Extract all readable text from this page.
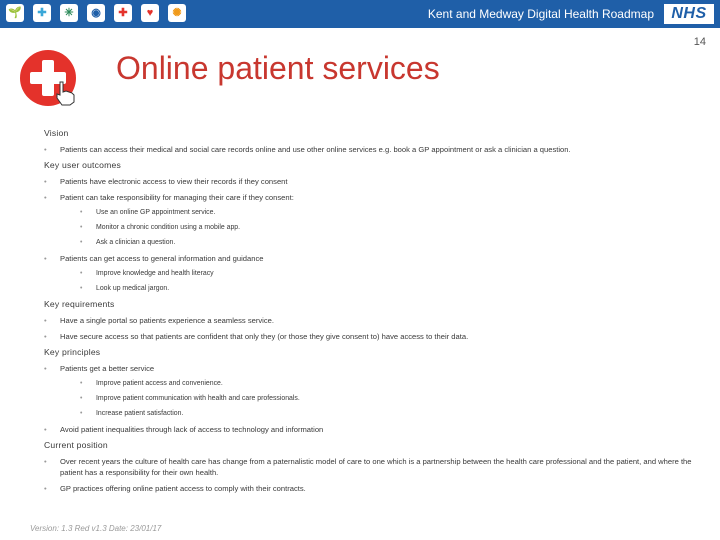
🌱	✚	✳	◉	✚	♥	✺	Kent and Medway Digital Health Roadmap	NHS
14
Online patient services
Vision
• Patients can access their medical and social care records online and use other online services e.g. book a GP appointment or ask a clinician a question.
Key user outcomes
• Patients have electronic access to view their records if they consent
• Patient can take responsibility for managing their care if they consent:
• Use an online GP appointment service.
• Monitor a chronic condition using a mobile app.
• Ask a clinician a question.
• Patients can get access to general information and guidance
• Improve knowledge and health literacy
• Look up medical jargon.
Key requirements
• Have a single portal so patients experience a seamless service.
• Have secure access so that patients are confident that only they (or those they give consent to) have access to their data.
Key principles
• Patients get a better service
• Improve patient access and convenience.
• Improve patient communication with health and care professionals.
• Increase patient satisfaction.
• Avoid patient inequalities through lack of access to technology and information
Current position
• Over recent years the culture of health care has change from a paternalistic model of care to one which is a partnership between the health care professional and the patient, and where the patient has a responsibility for their own health.
• GP practices offering online patient access to comply with their contracts.
Version: 1.3 Red v1.3 Date: 23/01/17
